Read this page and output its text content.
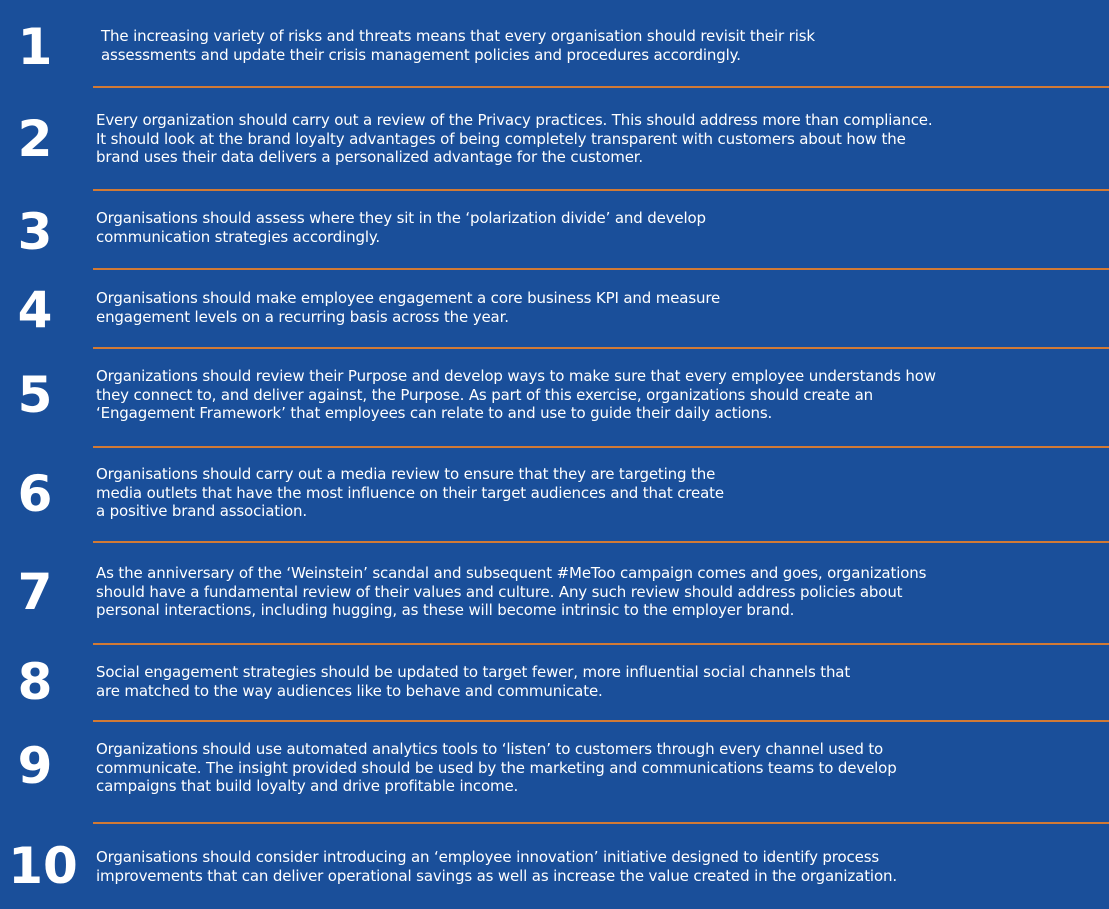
1	The increasing variety of risks and threats means that every organisation should revisit their risk
assessments and update their crisis management policies and procedures accordingly.
2	Every organization should carry out a review of the Privacy practices. This should address more than compliance.
It should look at the brand loyalty advantages of being completely transparent with customers about how the
brand uses their data delivers a personalized advantage for the customer.
3	Organisations should assess where they sit in the ‘polarization divide’ and develop
communication strategies accordingly.
4	Organisations should make employee engagement a core business KPI and measure
engagement levels on a recurring basis across the year.
5	Organizations should review their Purpose and develop ways to make sure that every employee understands how
they connect to, and deliver against, the Purpose. As part of this exercise, organizations should create an
‘Engagement Framework’ that employees can relate to and use to guide their daily actions.
6	Organisations should carry out a media review to ensure that they are targeting the
media outlets that have the most influence on their target audiences and that create
a positive brand association.
7	As the anniversary of the ‘Weinstein’ scandal and subsequent #MeToo campaign comes and goes, organizations
should have a fundamental review of their values and culture. Any such review should address policies about
personal interactions, including hugging, as these will become intrinsic to the employer brand.
8	Social engagement strategies should be updated to target fewer, more influential social channels that
are matched to the way audiences like to behave and communicate.
9	Organizations should use automated analytics tools to ‘listen’ to customers through every channel used to
communicate. The insight provided should be used by the marketing and communications teams to develop
campaigns that build loyalty and drive profitable income.
10	Organisations should consider introducing an ‘employee innovation’ initiative designed to identify process
improvements that can deliver operational savings as well as increase the value created in the organization.
